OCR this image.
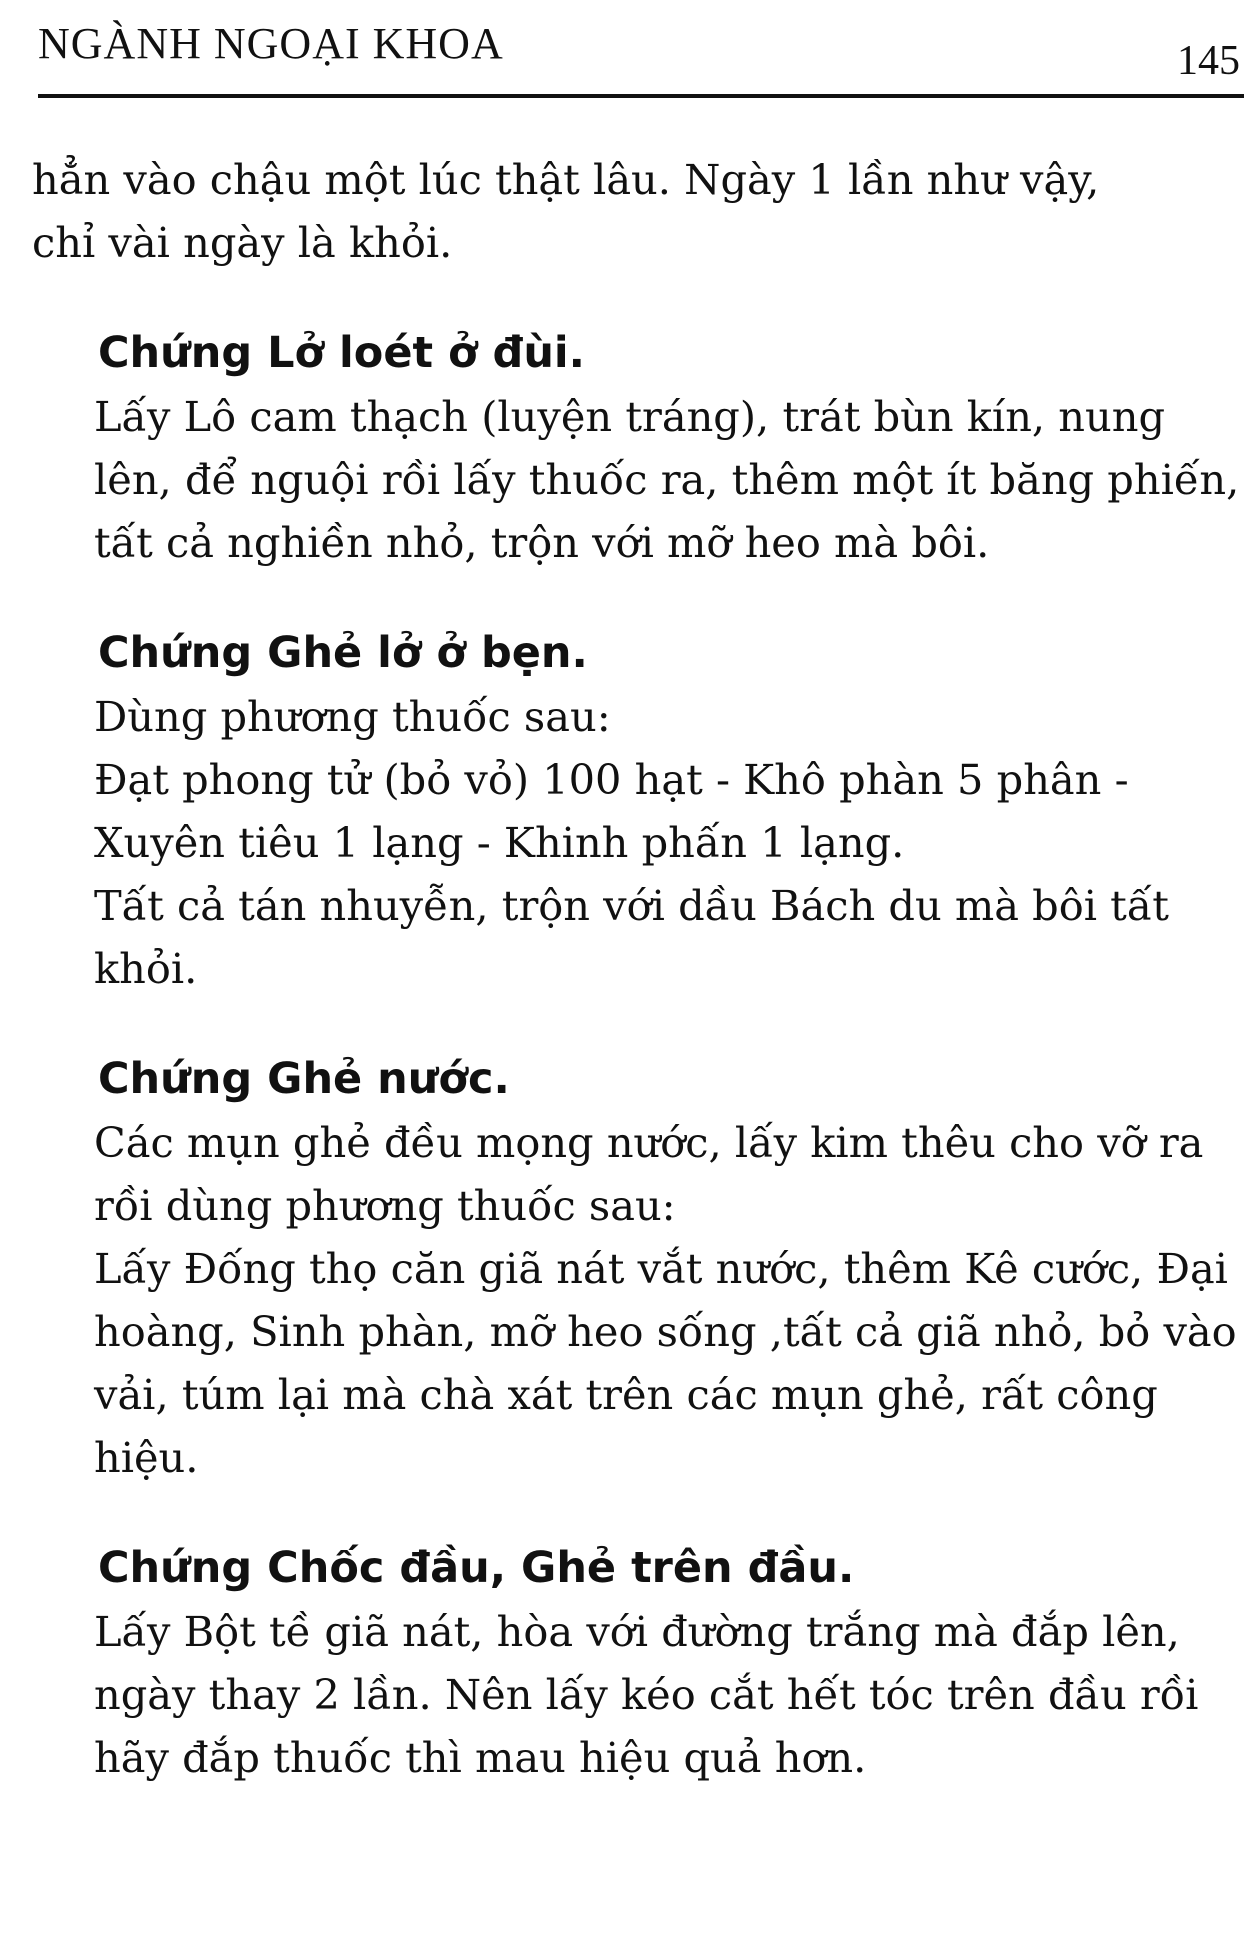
NGÀNH NGOẠI KHOA	145

hẳn vào chậu một lúc thật lâu. Ngày 1 lần như vậy,

chỉ vài ngày là khỏi.

Chứng Lở loét ở đùi.

Lấy Lô cam thạch (luyện tráng), trát bùn kín, nung lên, để nguội rồi lấy thuốc ra, thêm một ít băng phiến, tất cả nghiền nhỏ, trộn với mỡ heo mà bôi.

Chứng Ghẻ lở ở bẹn.

Dùng phương thuốc sau:

Đạt phong tử (bỏ vỏ) 100 hạt - Khô phàn 5 phân - Xuyên tiêu 1 lạng - Khinh phấn 1 lạng.

Tất cả tán nhuyễn, trộn với dầu Bách du mà bôi tất khỏi.

Chứng Ghẻ nước.

Các mụn ghẻ đều mọng nước, lấy kim thêu cho vỡ ra rồi dùng phương thuốc sau:

Lấy Đống thọ căn giã nát vắt nước, thêm Kê cước, Đại hoàng, Sinh phàn, mỡ heo sống ,tất cả giã nhỏ, bỏ vào vải, túm lại mà chà xát trên các mụn ghẻ, rất công hiệu.

Chứng Chốc đầu, Ghẻ trên đầu.

Lấy Bột tề giã nát, hòa với đường trắng mà đắp lên, ngày thay 2 lần. Nên lấy kéo cắt hết tóc trên đầu rồi hãy đắp thuốc thì mau hiệu quả hơn.
